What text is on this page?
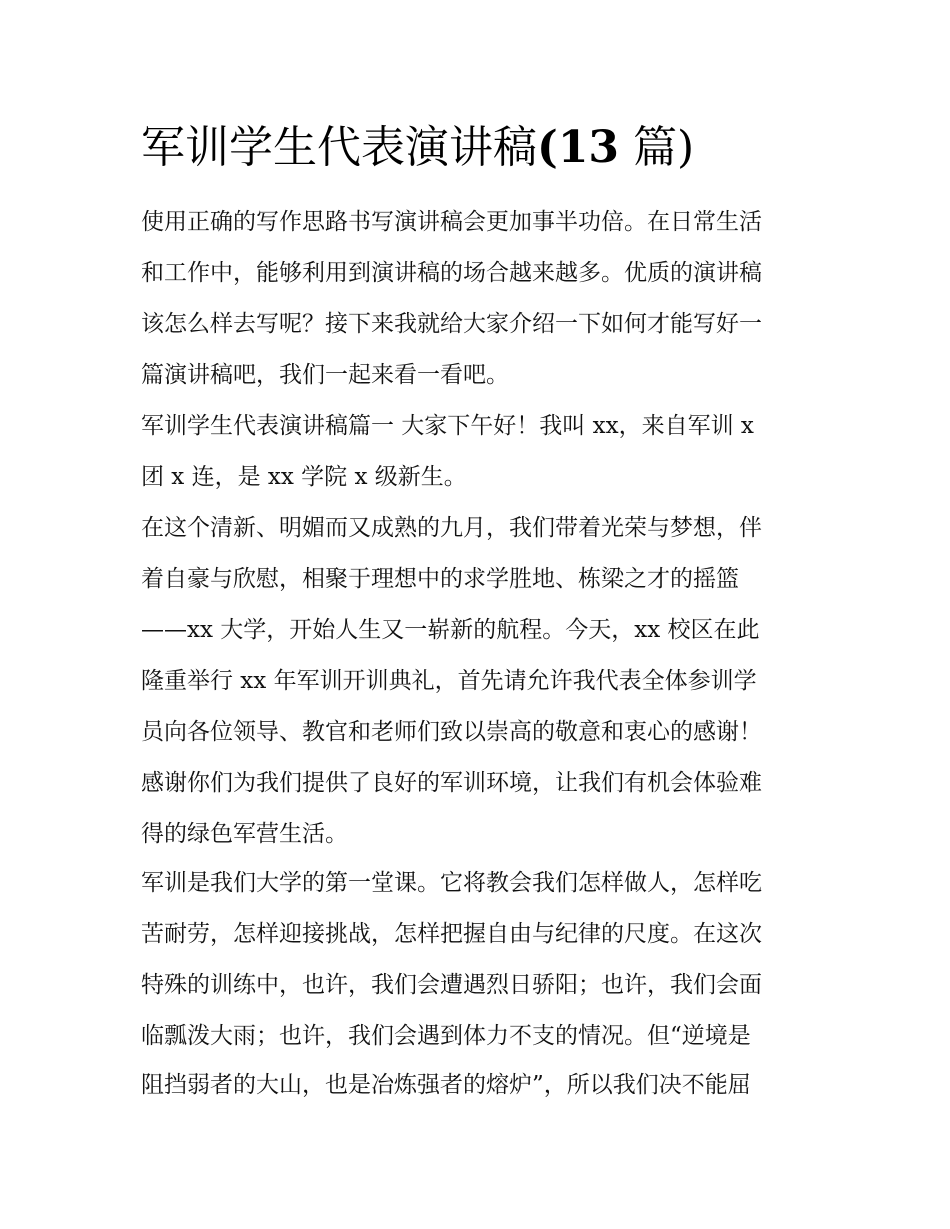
军训学生代表演讲稿(13 篇)

使用正确的写作思路书写演讲稿会更加事半功倍。在日常生活

和工作中，能够利用到演讲稿的场合越来越多。优质的演讲稿

该怎么样去写呢？接下来我就给大家介绍一下如何才能写好一

篇演讲稿吧，我们一起来看一看吧。

军训学生代表演讲稿篇一 大家下午好！我叫 xx，来自军训 x

团 x 连，是 xx 学院 x 级新生。

在这个清新、明媚而又成熟的九月，我们带着光荣与梦想，伴

着自豪与欣慰，相聚于理想中的求学胜地、栋梁之才的摇篮

——xx 大学，开始人生又一崭新的航程。今天，xx 校区在此

隆重举行 xx 年军训开训典礼，首先请允许我代表全体参训学

员向各位领导、教官和老师们致以崇高的敬意和衷心的感谢！

感谢你们为我们提供了良好的军训环境，让我们有机会体验难

得的绿色军营生活。

军训是我们大学的第一堂课。它将教会我们怎样做人，怎样吃

苦耐劳，怎样迎接挑战，怎样把握自由与纪律的尺度。在这次

特殊的训练中，也许，我们会遭遇烈日骄阳；也许，我们会面

临瓢泼大雨；也许，我们会遇到体力不支的情况。但“逆境是

阻挡弱者的大山，也是冶炼强者的熔炉”，所以我们决不能屈
